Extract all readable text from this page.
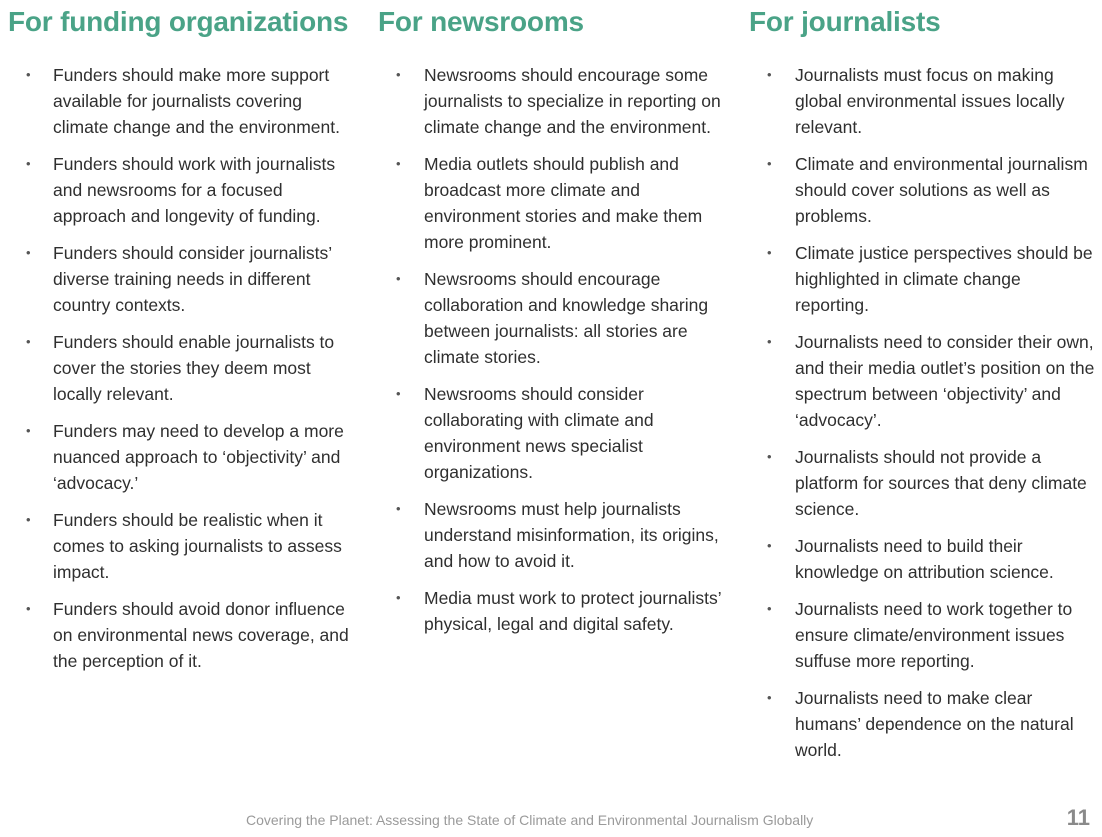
For funding organizations
• Funders should make more support available for journalists covering climate change and the environment.
• Funders should work with journalists and newsrooms for a focused approach and longevity of funding.
• Funders should consider journalists’ diverse training needs in different country contexts.
• Funders should enable journalists to cover the stories they deem most locally relevant.
• Funders may need to develop a more nuanced approach to ‘objectivity’ and ‘advocacy.’
• Funders should be realistic when it comes to asking journalists to assess impact.
• Funders should avoid donor influence on environmental news coverage, and the perception of it.
For newsrooms
• Newsrooms should encourage some journalists to specialize in reporting on climate change and the environment.
• Media outlets should publish and broadcast more climate and environment stories and make them more prominent.
• Newsrooms should encourage collaboration and knowledge sharing between journalists: all stories are climate stories.
• Newsrooms should consider collaborating with climate and environment news specialist organizations.
• Newsrooms must help journalists understand misinformation, its origins, and how to avoid it.
• Media must work to protect journalists’ physical, legal and digital safety.
For journalists
• Journalists must focus on making global environmental issues locally relevant.
• Climate and environmental journalism should cover solutions as well as problems.
• Climate justice perspectives should be highlighted in climate change reporting.
• Journalists need to consider their own, and their media outlet’s position on the spectrum between ‘objectivity’ and ‘advocacy’.
• Journalists should not provide a platform for sources that deny climate science.
• Journalists need to build their knowledge on attribution science.
• Journalists need to work together to ensure climate/environment issues suffuse more reporting.
• Journalists need to make clear humans’ dependence on the natural world.
Covering the Planet: Assessing the State of Climate and Environmental Journalism Globally	11
